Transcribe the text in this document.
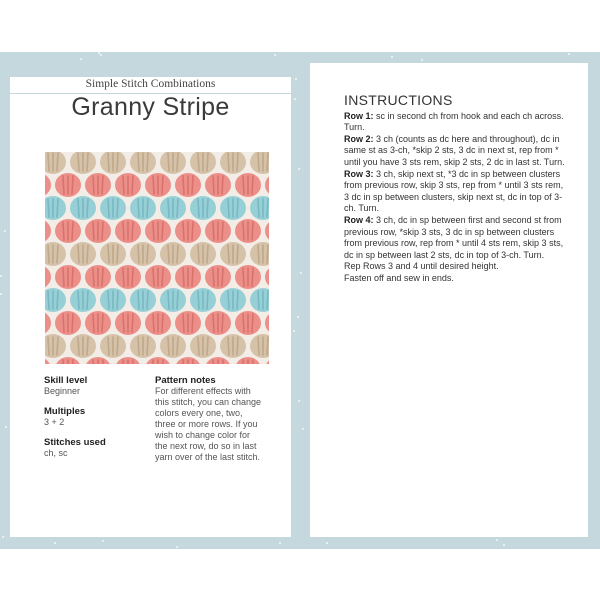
Simple Stitch Combinations
Granny Stripe
Skill level
Beginner
Multiples
3 + 2
Stitches used
ch, sc
Pattern notes
For different effects with this stitch, you can change colors every one, two, three or more rows. If you wish to change color for the next row, do so in last yarn over of the last stitch.
INSTRUCTIONS

Row 1: sc in second ch from hook and each ch across. Turn.

Row 2: 3 ch (counts as dc here and throughout), dc in same st as 3-ch, *skip 2 sts, 3 dc in next st, rep from * until you have 3 sts rem, skip 2 sts, 2 dc in last st. Turn.

Row 3: 3 ch, skip next st, *3 dc in sp between clusters from previous row, skip 3 sts, rep from * until 3 sts rem, 3 dc in sp between clusters, skip next st, dc in top of 3-ch. Turn.

Row 4: 3 ch, dc in sp between first and second st from previous row, *skip 3 sts, 3 dc in sp between clusters from previous row, rep from * until 4 sts rem, skip 3 sts, dc in sp between last 2 sts, dc in top of 3-ch. Turn.

Rep Rows 3 and 4 until desired height.

Fasten off and sew in ends.
